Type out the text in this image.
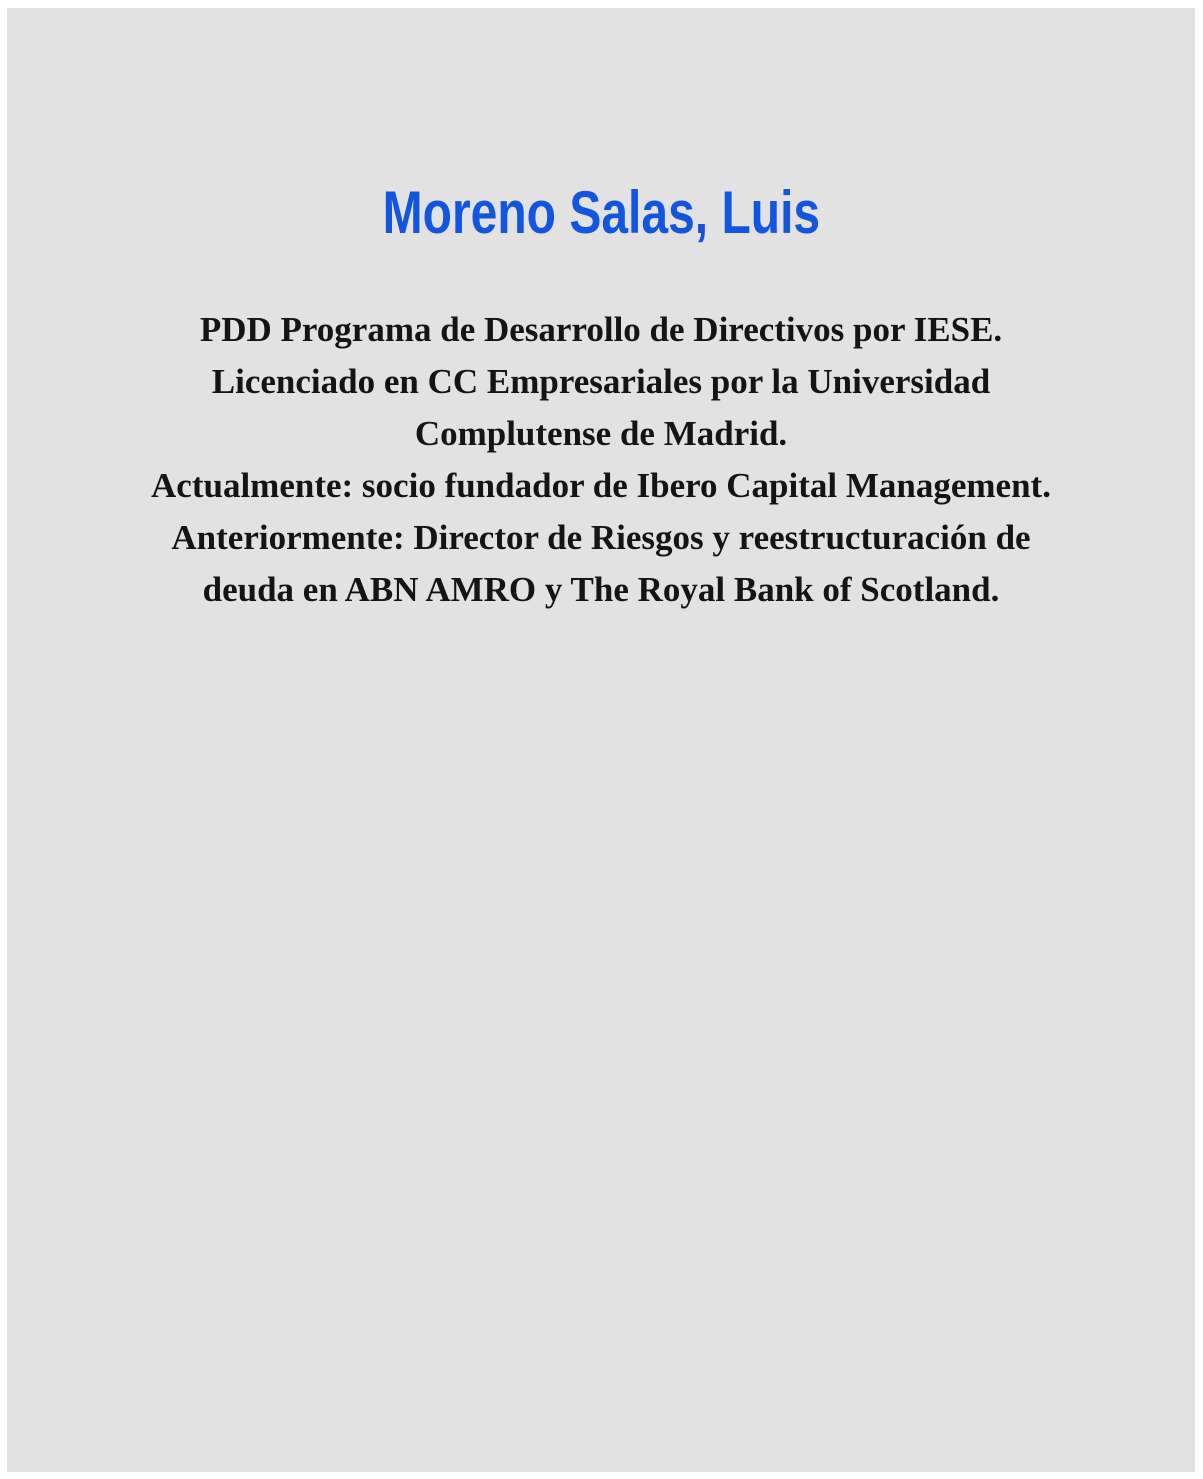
Moreno Salas, Luis
PDD Programa de Desarrollo de Directivos por IESE.
Licenciado en CC Empresariales por la Universidad
Complutense de Madrid.
Actualmente: socio fundador de Ibero Capital Management.
Anteriormente: Director de Riesgos y reestructuración de
deuda en ABN AMRO y The Royal Bank of Scotland.
